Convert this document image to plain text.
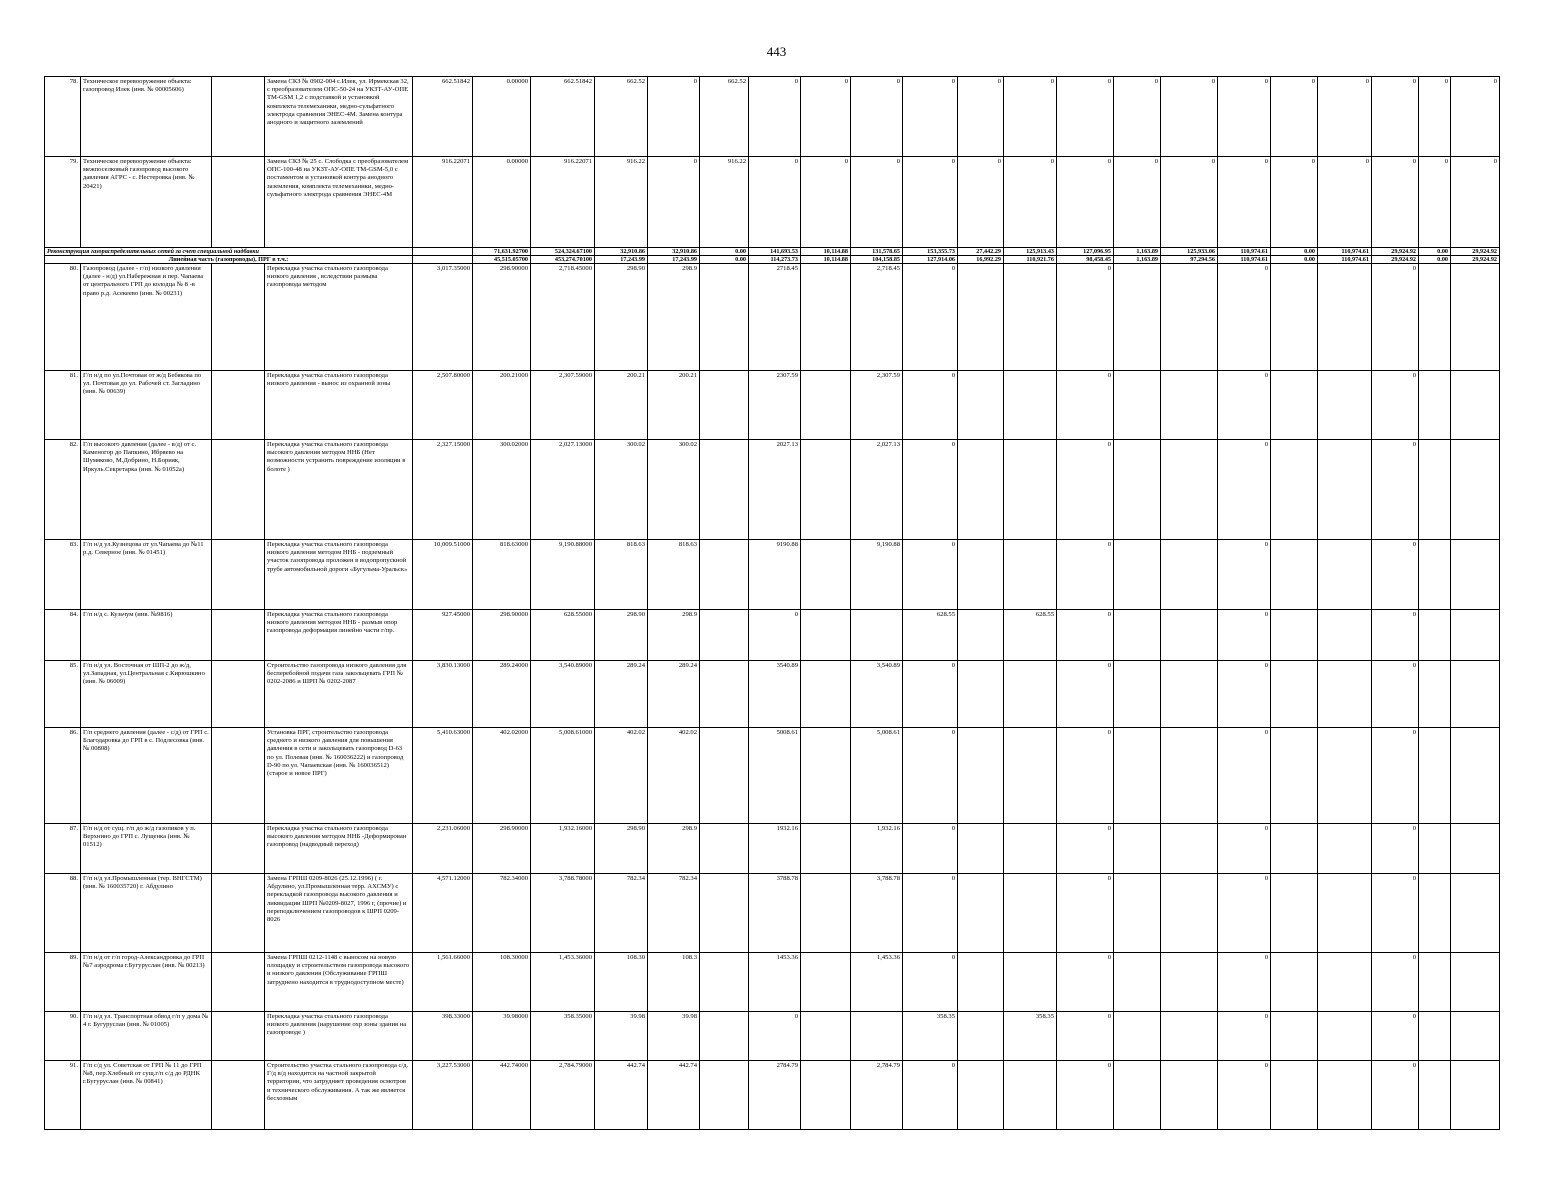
443
78.	Техническое перевооружение объекта: газопровод Илек (инв. № 00005606)		Замена СКЗ № 0902-004 с.Илек, ул. Ирмекская 32, с преобразователем ОПС-50-24 на УКЗТ-АУ-ОПЕ ТМ-GSM 1,2 с подставкой и установкой комплекта телемеханики, медно-сульфатного электрода сравнения ЭНЕС-4М. Замена контура анодного и защитного заземлений	662.51842	0.00000	662.51842	662.52	0	662.52	0	0	0	0	0	0	0	0	0	0	0	0	0	0	0	
79.	Техническое перевооружение объекта: межпоселковый газопровод высокого давления АГРС - с. Нестеровка (инв. № 20421)		Замена СКЗ № 25 с. Слободка с преобразователем ОПС-100-48 на УКЗТ-АУ-ОПЕ ТМ-GSM-5,0 с постаментом и установкой контура анодного заземления, комплекта телемеханики, медно-сульфатного электрода сравнения ЭНЕС-4М	916.22071	0.00000	916.22071	916.22	0	916.22	0	0	0	0	0	0	0	0	0	0	0	0	0	0	0	
Реконструкция газораспределительных сетей за счет специальной надбавки					71,631.92700	524,324.67100	32,910.86	32,910.86	0.00	141,693.53	10,114.88	131,578.65	153,355.73	27,442.29	125,913.43	127,096.95	1,163.89	125,933.06	110,974.61	0.00	110,974.61	29,924.92	0.00	29,924.92	
Линейная часть (газопроводы), ПРГ в т.ч.:					45,515.05700	453,274.70100	17,243.99	17,243.99	0.00	114,273.73	10,114.88	104,158.85	127,914.06	16,992.29	110,921.76	98,458.45	1,163.89	97,294.56	110,974.61	0.00	110,974.61	29,924.92	0.00	29,924.92	
80.	Газопровод (далее - г/п) низкого давления (далее - н/д) ул.Набережная и пер. Чапаева от центрального ГРП до колодца № 8 -в право р.д. Асекеево (инв. № 00231)		Перекладка участка стального газопровода низкого давления , вследствии размыва газопровода методом	3,017.35000	298.90000	2,718.45000	298.90	298.9		2718.45		2,718.45	0			0			0			0			
81.	Г/п н/д по ул.Почтовая от ж/д Бебякова по ул. Почтовая до ул. Рабочей ст. Загладино (инв. № 00639)		Перекладка участка стального газопровода низкого давления - вынос из охранной зоны	2,507.80000	200.21000	2,307.59000	200.21	200.21		2307.59		2,307.59	0			0			0			0			
82.	Г/п высокого давления (далее - в/д) от с. Каменогор до Папкино, Ибряево на Шумяково, М.Добрино, Н.Борияк, Иркуль.Секретарка (инв. № 01052а)		Перекладка участка стального газопровода высокого давления методом ННБ (Нет возможности устранить повреждение изоляции в болоте )	2,327.15000	300.02000	2,027.13000	300.02	300.02		2027.13		2,027.13	0			0			0			0			
83.	Г/п н/д ул.Кузнецова от ул.Чапаева до №11 р.д. Северное (инв. № 01451)		Перекладка участка стального газопровода низкого давления методом ННБ - подземный участок газопровода проложен в водопропускной трубе автомобильной дороги «Бугульма-Уральск»	10,009.51000	818.63000	9,190.88000	818.63	818.63		9190.88		9,190.88	0			0			0			0			
84.	Г/п н/д с. Кузьчум (инв. №9816)		Перекладка участка стального газопровода низкого давления методом ННБ - размыв опор газопровода деформация линейно части г/пр.	927.45000	298.90000	628.55000	298.90	298.9		0			628.55		628.55	0			0			0			
85.	Г/п н/д ул. Восточная от ШП-2 до ж/д, ул.Западная, ул.Центральная с.Кирюшкино (инв. № 06009)		Строительство газопровода низкого давления для бесперебойной подачи газа закольцевать ГРП № 0202-2086 и ШРП № 0202-2087	3,830.13000	289.24000	3,540.89000	289.24	289.24		3540.89		3,540.89	0			0			0			0			
86.	Г/п среднего давления (далее - с/д) от ГРП с. Благодаровка до ГРП в с. Подлесовка (инв. № 00808)		Установка ПРГ, строительство газопровода среднего и низкого давления для повышения давления в сети и закольцевать газопровод D-63 по ул. Полевая (инв. № 160036222) и газопровод D-90 по ул. Чапаевская (инв. № 160036512) (старое и новое ПРГ)	5,410.63000	402.02000	5,008.61000	402.02	402.02		5008.61		5,008.61	0			0			0			0			
87.	Г/п н/д от сущ. г/п до ж/д газопиков у п. Верхнино до ГРП с. Лущенка (инв. № 01512)		Перекладка участка стального газопровода высокого давления методом ННБ -Деформирован газопровод (надводный переход)	2,231.06000	298.90000	1,932.16000	298.90	298.9		1932.16		1,932.16	0			0			0			0			
88.	Г/п н/д ул.Промышленная (тер. ВНГСТМ) (инв. № 160035720) г. Абдулино		Замена ГРПШ 0209-8026 (25.12.1996) ( г. Абдулино, ул.Промышленная терр. АХСМУ) с перекладкой газопровода высокого давления и ликвидации ШРП №0209-8027, 1996 г, (прочие) и переподключением газопроводов к ШРП 0209-8026	4,571.12000	782.34000	3,788.78000	782.34	782.34		3788.78		3,788.78	0			0			0			0			
89.	Г/п н/д от г/п город-Александровка до ГРП №7 аэродрома г.Бугуруслан (инв. № 00213)		Замена ГРПШ 0212-1148 с выносом на новую площадку и строительством газопровода высокого и низкого давления (Обслуживание ГРПШ затруднено находится в труднодоступном месте)	1,561.66000	108.30000	1,453.36000	108.30	108.3		1453.36		1,453.36	0			0			0			0			
90.	Г/п н/д ул. Транспортная обвод г/п у дома № 4 г. Бугуруслан (инв. № 01005)		Перекладка участка стального газопровода низкого давления (нарушение охр зоны здания на газопроводе )	398.33000	39.98000	358.35000	39.98	39.98		0			358.35		358.35	0			0			0			
91.	Г/п с/д ул. Советская от ГРП № 11 до ГРП №8, пер.Хлебный от сущ.г/п с/д до РДНК г.Бугуруслан (инв. № 00841)		Строительство участка стального газопровода с/д. Г/д в/д находится на частной закрытой территории, что затрудняет проведения осмотров и технического обслуживания. А так же является бесхозным	3,227.53000	442.74000	2,784.79000	442.74	442.74		2784.79		2,784.79	0			0			0			0			
